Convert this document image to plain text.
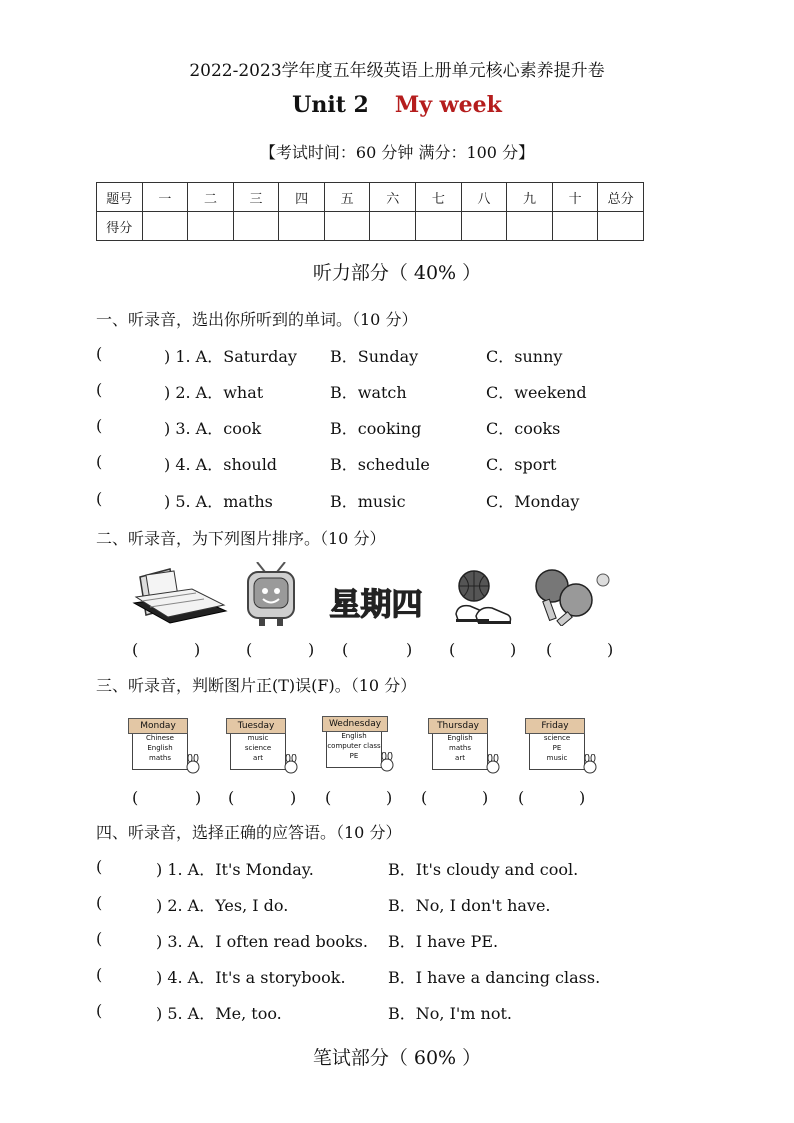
2022-2023学年度五年级英语上册单元核心素养提升卷
Unit 2 My week
【考试时间：60 分钟 满分：100 分】
题号	一	二	三	四	五	六	七	八	九	十	总分
得分											
听力部分（ 40% ）
一、听录音，选出你所听到的单词。（10 分）
(	) 1. A．Saturday B．Sunday	C．sunny
(	) 2. A．what	B．watch	C．weekend
(	) 3. A．cook	B．cooking	C．cooks
(	) 4. A．should	B．schedule	C．sport
(	) 5. A．maths	B．music	C．Monday
二、听录音，为下列图片排序。（10 分）
星期四
(	)	(	) (	) (	) (	)
三、听录音，判断图片正(T)误(F)。（10 分）
Chinese
English
maths
Monday
music
science
art
Tuesday
English
computer class
PE
Wednesday
English
maths
art
Thursday
science
PE
music
Friday
(	) (	) (	) (	) (	)
四、听录音，选择正确的应答语。（10 分）
(	) 1. A．It's Monday.	B．It's cloudy and cool.
(	) 2. A．Yes, I do.	B．No, I don't have.
(	) 3. A．I often read books. B．I have PE.
(	) 4. A．It's a storybook.	B．I have a dancing class.
(	) 5. A．Me, too.	B．No, I'm not.
笔试部分（ 60% ）
